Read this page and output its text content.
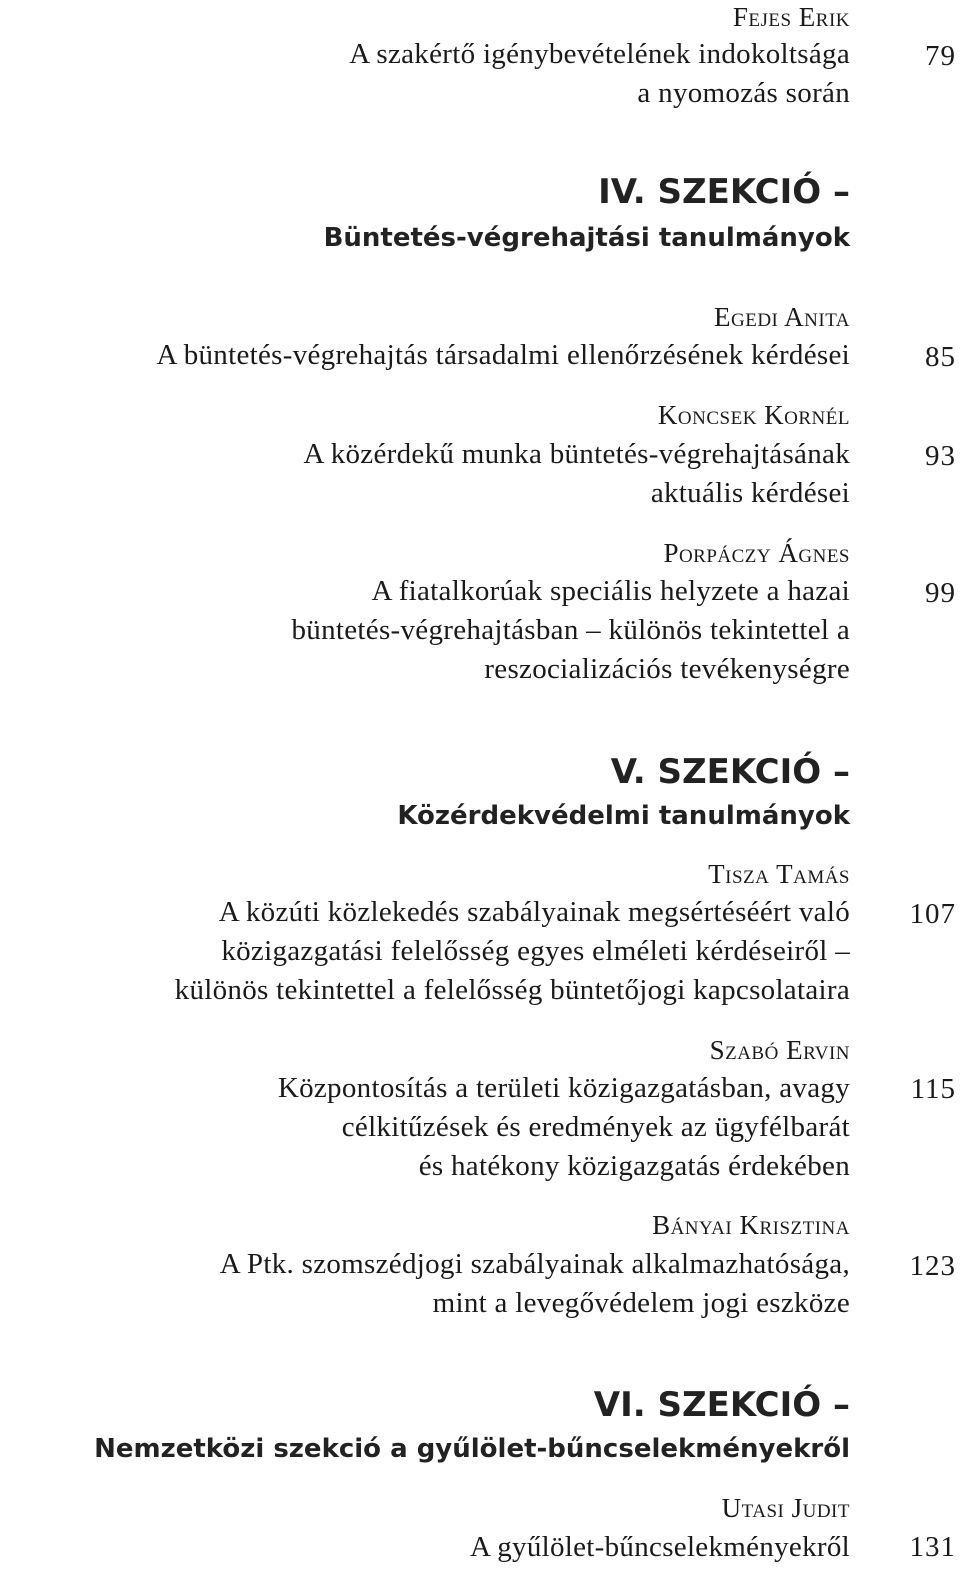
Fejes Erik
A szakértő igénybevételének indokoltsága
a nyomozás során
79
IV. SZEKCIÓ –
Büntetés-végrehajtási tanulmányok
Egedi Anita
A büntetés-végrehajtás társadalmi ellenőrzésének kérdései	85
Koncsek Kornél
A közérdekű munka büntetés-végrehajtásának
aktuális kérdései
93
Porpáczy Ágnes
A fiatalkorúak speciális helyzete a hazai
büntetés-végrehajtásban – különös tekintettel a
reszocializációs tevékenységre
99
V. SZEKCIÓ –
Közérdekvédelmi tanulmányok
Tisza Tamás
A közúti közlekedés szabályainak megsértéséért való
közigazgatási felelősség egyes elméleti kérdéseiről –
különös tekintettel a felelősség büntetőjogi kapcsolataira
107
Szabó Ervin
Központosítás a területi közigazgatásban, avagy
célkitűzések és eredmények az ügyfélbarát
és hatékony közigazgatás érdekében
115
Bányai Krisztina
A Ptk. szomszédjogi szabályainak alkalmazhatósága,
mint a levegővédelem jogi eszköze
123
VI. SZEKCIÓ –
Nemzetközi szekció a gyűlölet-bűncselekményekről
Utasi Judit
A gyűlölet-bűncselekményekről	131
